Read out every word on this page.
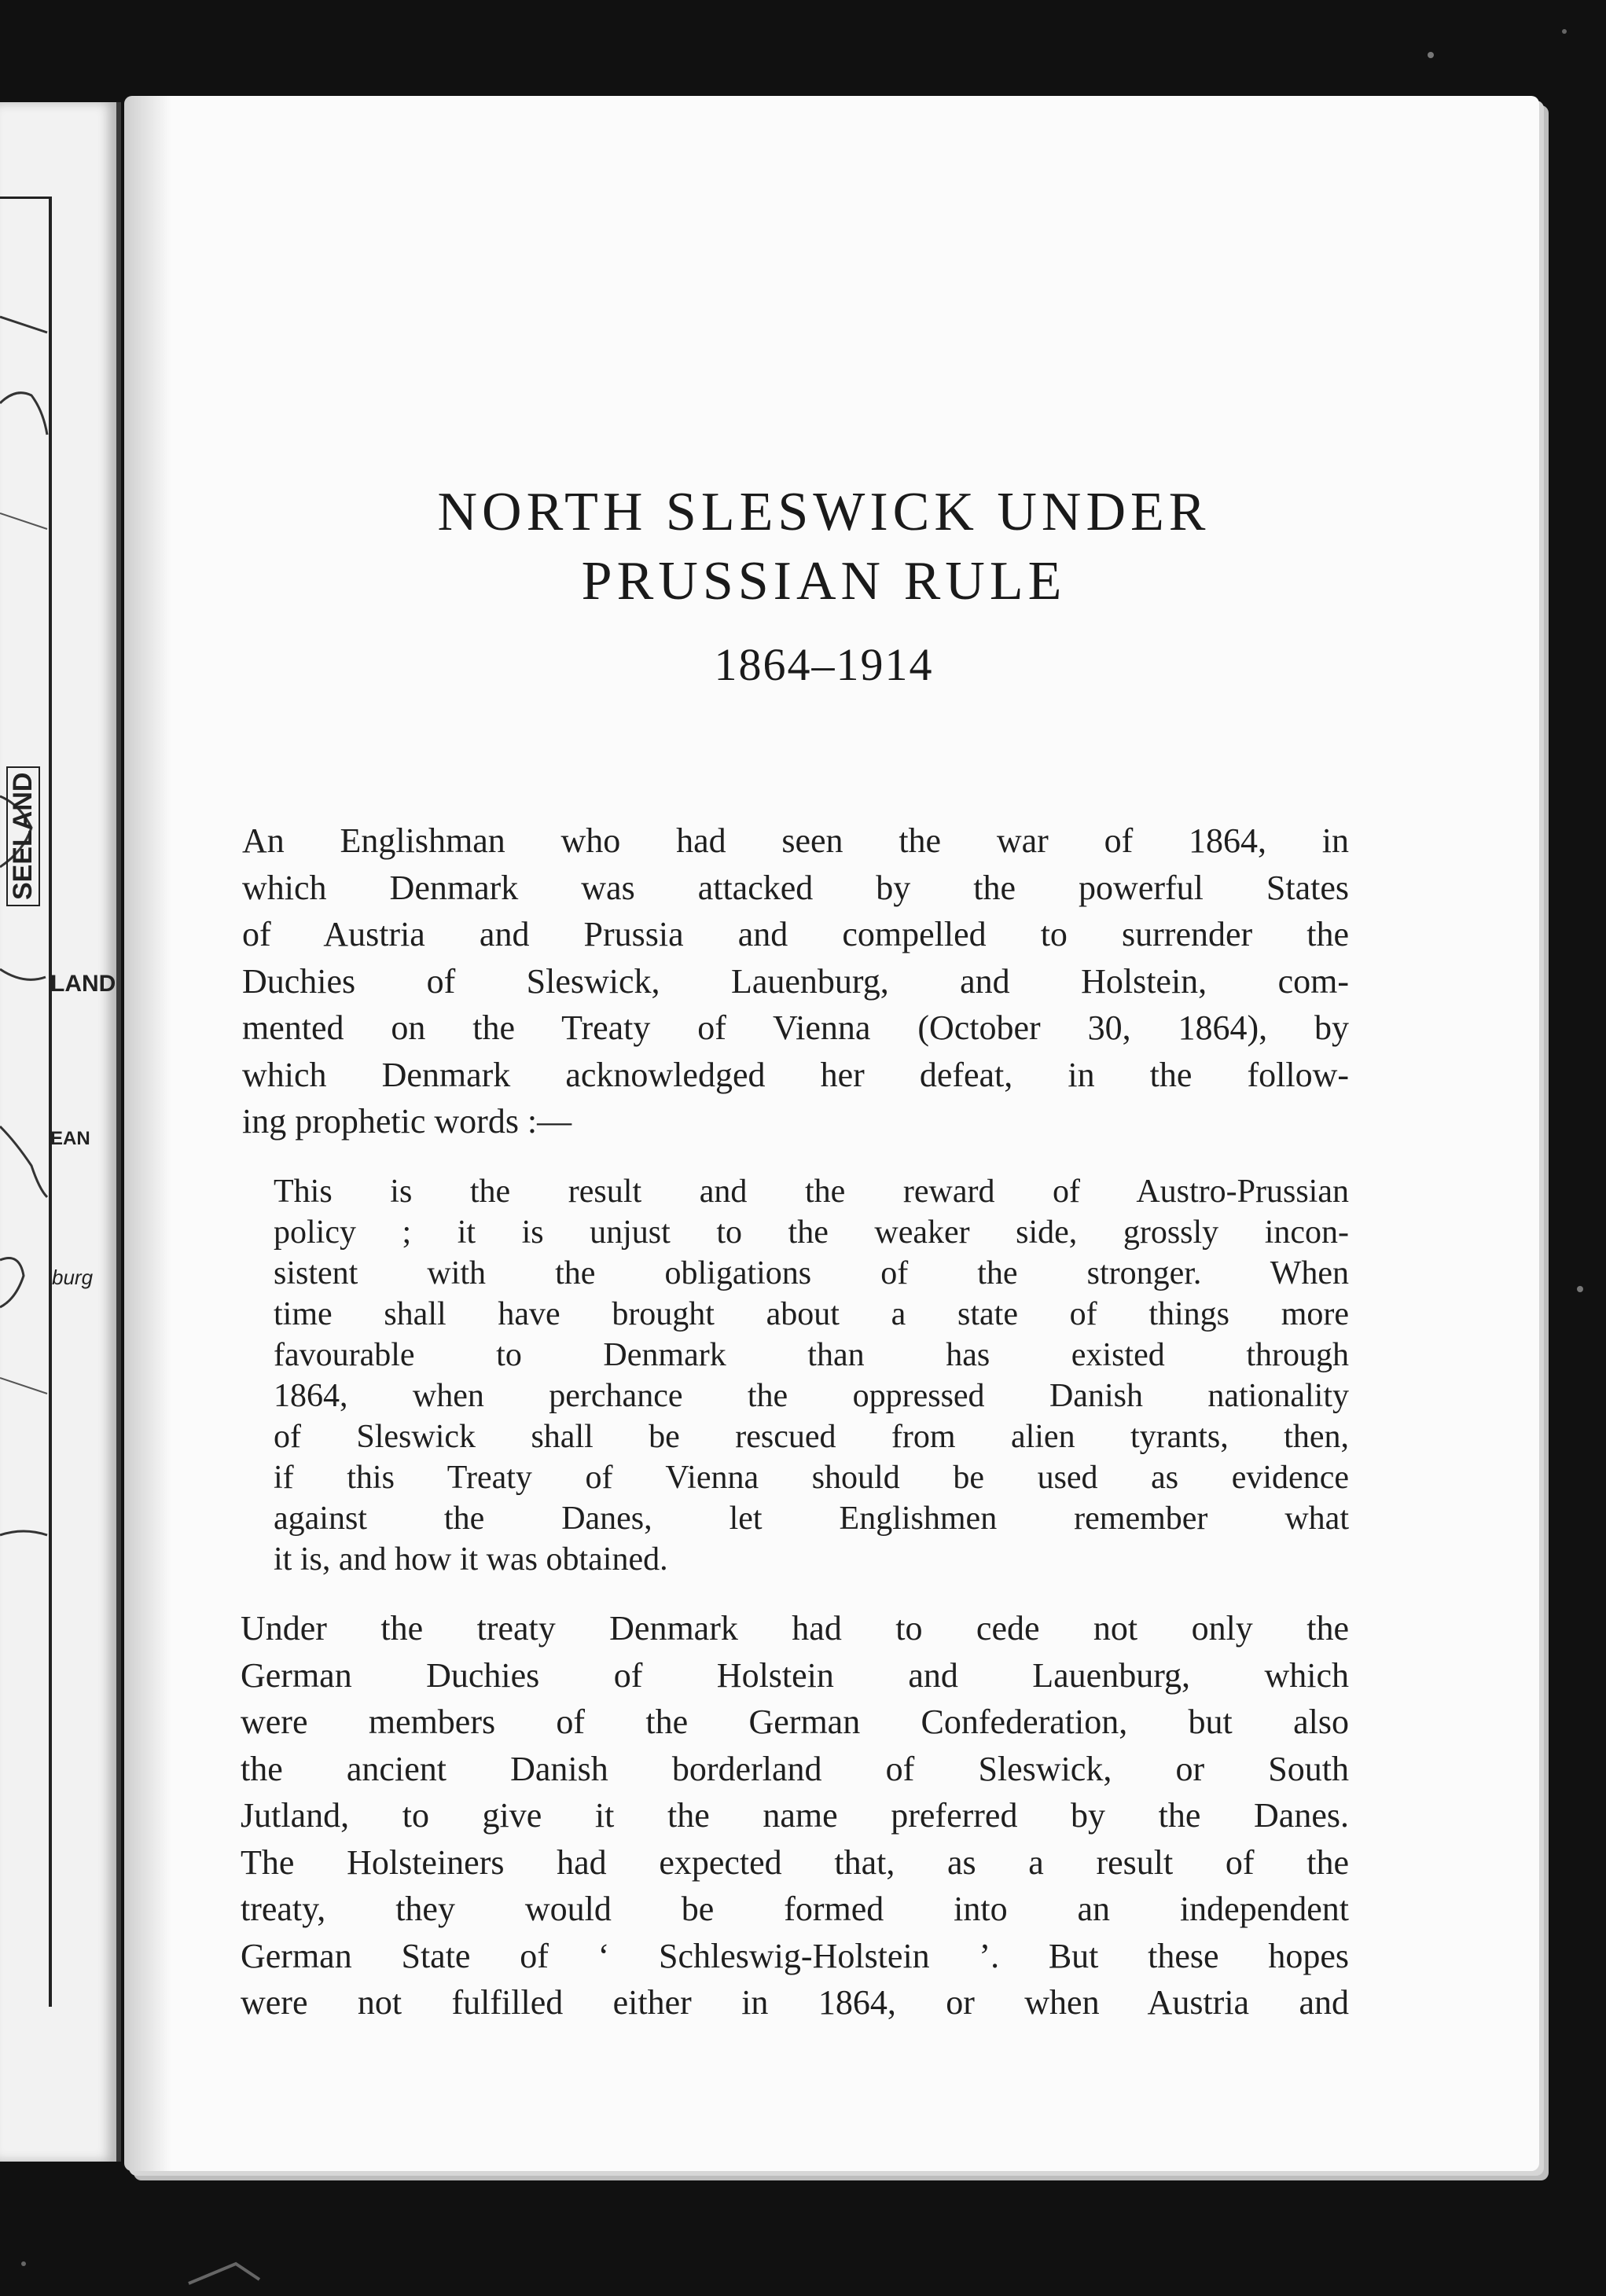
SEELAND
LAND
EAN
burg
NORTH SLESWICK UNDER
PRUSSIAN RULE
1864–1914

An Englishman who had seen the war of 1864, in
which Denmark was attacked by the powerful States
of Austria and Prussia and compelled to surrender the
Duchies of Sleswick, Lauenburg, and Holstein, com-
mented on the Treaty of Vienna (October 30, 1864), by
which Denmark acknowledged her defeat, in the follow-
ing prophetic words :—

This is the result and the reward of Austro-Prussian
policy ; it is unjust to the weaker side, grossly incon-
sistent with the obligations of the stronger. When
time shall have brought about a state of things more
favourable to Denmark than has existed through
1864, when perchance the oppressed Danish nationality
of Sleswick shall be rescued from alien tyrants, then,
if this Treaty of Vienna should be used as evidence
against the Danes, let Englishmen remember what
it is, and how it was obtained.

Under the treaty Denmark had to cede not only the
German Duchies of Holstein and Lauenburg, which
were members of the German Confederation, but also
the ancient Danish borderland of Sleswick, or South
Jutland, to give it the name preferred by the Danes.
The Holsteiners had expected that, as a result of the
treaty, they would be formed into an independent
German State of ‘ Schleswig-Holstein ’. But these hopes
were not fulfilled either in 1864, or when Austria and
